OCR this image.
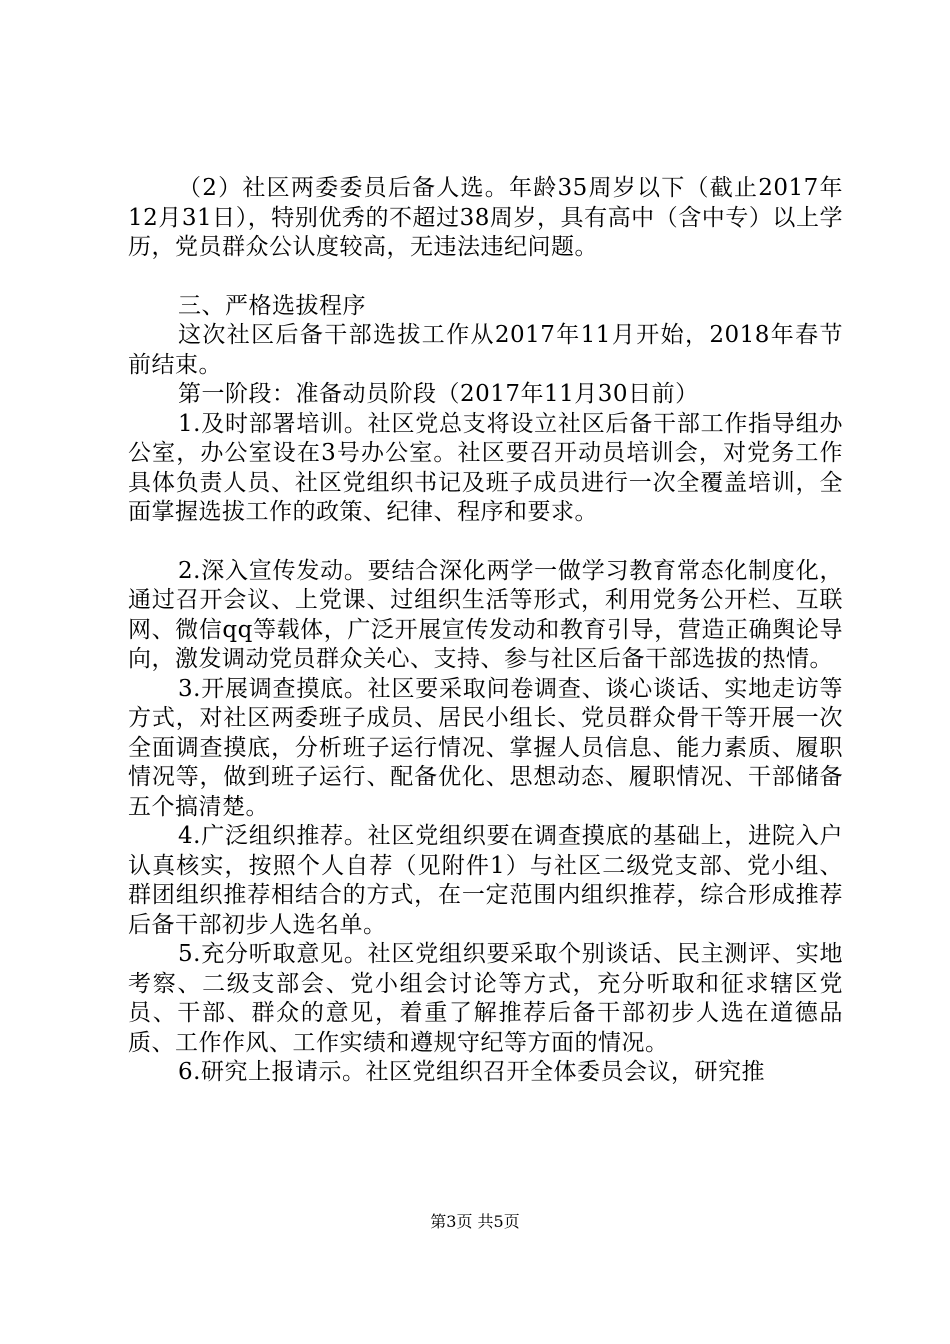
（2）社区两委委员后备人选。年龄35周岁以下（截止2017年12月31日），特别优秀的不超过38周岁，具有高中（含中专）以上学历，党员群众公认度较高，无违法违纪问题。

三、严格选拔程序

这次社区后备干部选拔工作从2017年11月开始，2018年春节前结束。

第一阶段：准备动员阶段（2017年11月30日前）

1.及时部署培训。社区党总支将设立社区后备干部工作指导组办公室，办公室设在3号办公室。社区要召开动员培训会，对党务工作具体负责人员、社区党组织书记及班子成员进行一次全覆盖培训，全面掌握选拔工作的政策、纪律、程序和要求。

2.深入宣传发动。要结合深化两学一做学习教育常态化制度化，通过召开会议、上党课、过组织生活等形式，利用党务公开栏、互联网、微信qq等载体，广泛开展宣传发动和教育引导，营造正确舆论导向，激发调动党员群众关心、支持、参与社区后备干部选拔的热情。

3.开展调查摸底。社区要采取问卷调查、谈心谈话、实地走访等方式，对社区两委班子成员、居民小组长、党员群众骨干等开展一次全面调查摸底，分析班子运行情况、掌握人员信息、能力素质、履职情况等，做到班子运行、配备优化、思想动态、履职情况、干部储备五个搞清楚。

4.广泛组织推荐。社区党组织要在调查摸底的基础上，进院入户认真核实，按照个人自荐（见附件1）与社区二级党支部、党小组、群团组织推荐相结合的方式，在一定范围内组织推荐，综合形成推荐后备干部初步人选名单。

5.充分听取意见。社区党组织要采取个别谈话、民主测评、实地考察、二级支部会、党小组会讨论等方式，充分听取和征求辖区党员、干部、群众的意见，着重了解推荐后备干部初步人选在道德品质、工作作风、工作实绩和遵规守纪等方面的情况。

6.研究上报请示。社区党组织召开全体委员会议，研究推

第3页 共5页
